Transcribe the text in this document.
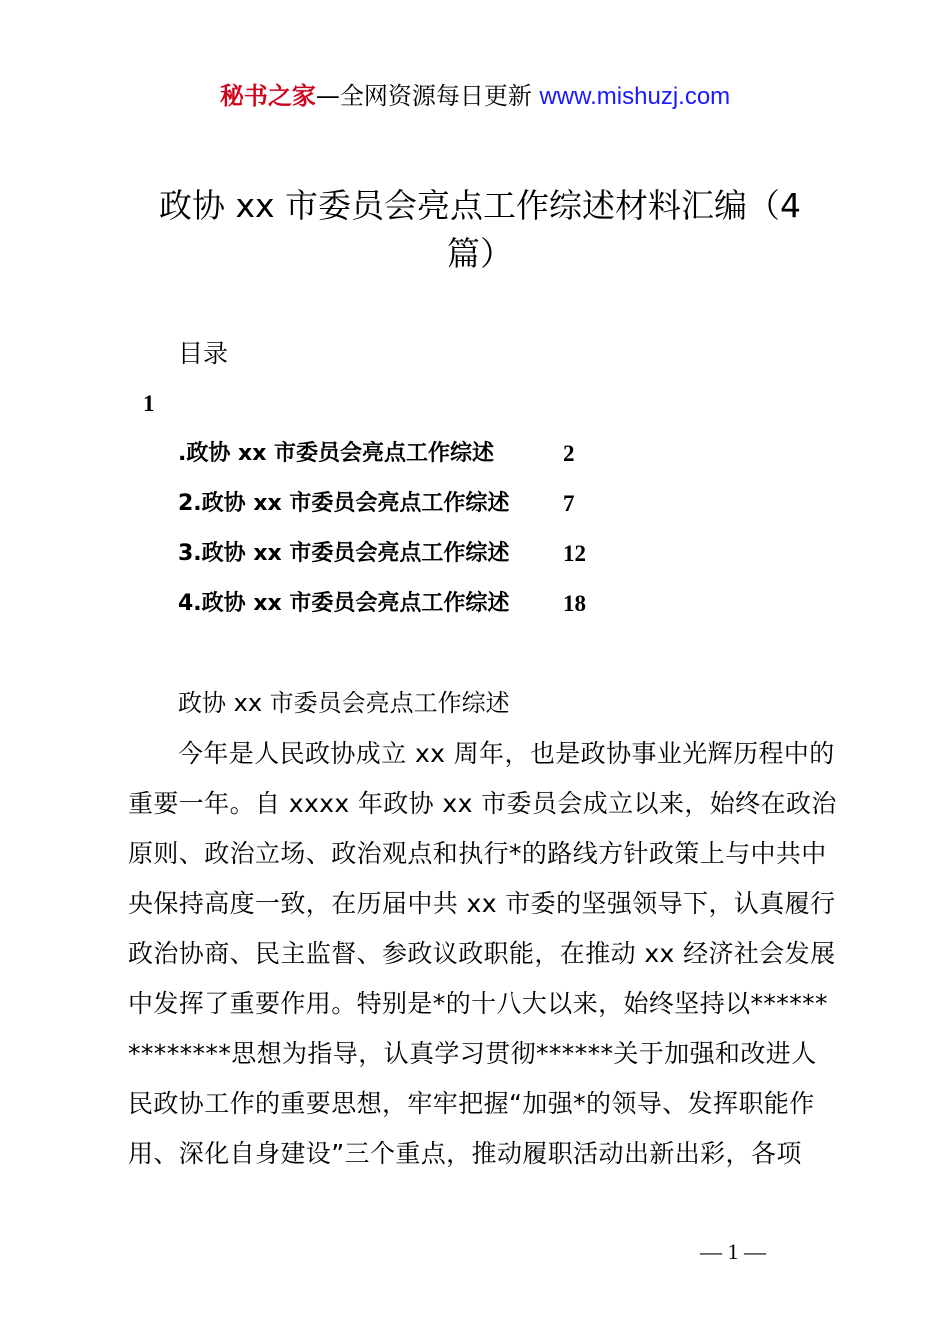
秘书之家—全网资源每日更新 www.mishuzj.com
政协 xx 市委员会亮点工作综述材料汇编（4
篇）
目录
1
.政协 xx 市委员会亮点工作综述	2
2.政协 xx 市委员会亮点工作综述 7
3.政协 xx 市委员会亮点工作综述 12
4.政协 xx 市委员会亮点工作综述 18
政协 xx 市委员会亮点工作综述
今年是人民政协成立 xx 周年，也是政协事业光辉历程中的
重要一年。自 xxxx 年政协 xx 市委员会成立以来，始终在政治
原则、政治立场、政治观点和执行*的路线方针政策上与中共中
央保持高度一致，在历届中共 xx 市委的坚强领导下，认真履行
政治协商、民主监督、参政议政职能，在推动 xx 经济社会发展
中发挥了重要作用。特别是*的十八大以来，始终坚持以******
********思想为指导，认真学习贯彻******关于加强和改进人
民政协工作的重要思想，牢牢把握“加强*的领导、发挥职能作
用、深化自身建设”三个重点，推动履职活动出新出彩，各项
— 1 —
